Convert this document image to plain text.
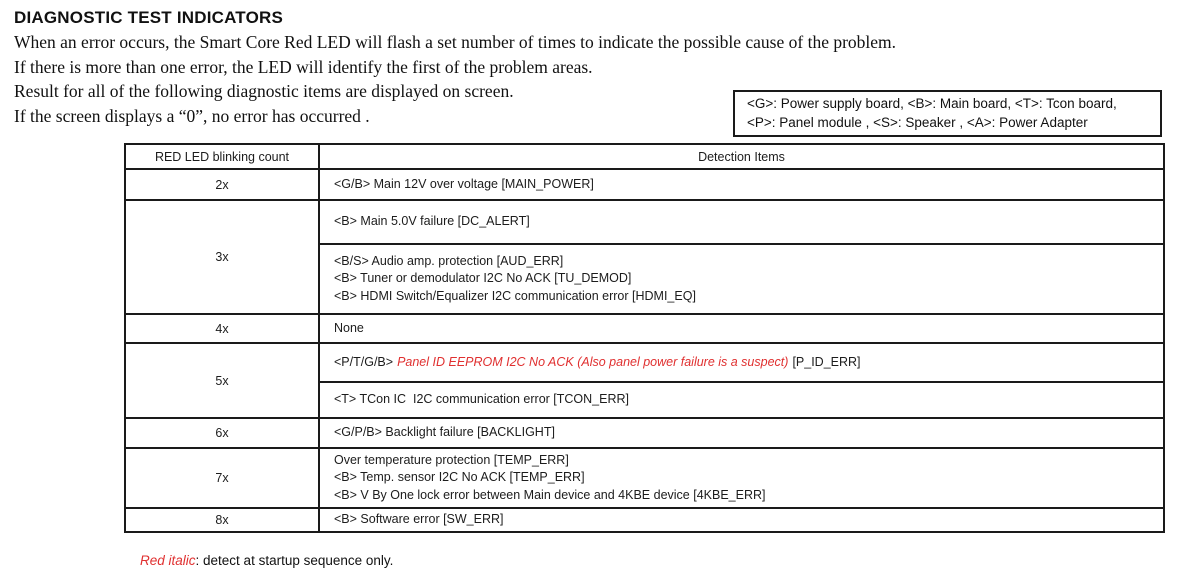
DIAGNOSTIC TEST INDICATORS

When an error occurs, the Smart Core Red LED will flash a set number of times to indicate the possible cause of the problem.

If there is more than one error, the LED will identify the first of the problem areas.

Result for all of the following diagnostic items are displayed on screen.

If the screen displays a “0”, no error has occurred .

<G>: Power supply board, <B>: Main board, <T>: Tcon board,
<P>: Panel module , <S>: Speaker , <A>: Power Adapter
RED LED blinking count	Detection Items
2x	<G/B> Main 12V over voltage [MAIN_POWER]

3x	<B> Main 5.0V failure [DC_ALERT]

	<B/S> Audio amp. protection [AUD_ERR]
<B> Tuner or demodulator I2C No ACK [TU_DEMOD]
<B> HDMI Switch/Equalizer I2C communication error [HDMI_EQ]

4x	None

5x	<P/T/G/B> Panel ID EEPROM I2C No ACK (Also panel power failure is a suspect) [P_ID_ERR]

	<T> TCon IC  I2C communication error [TCON_ERR]

6x	<G/P/B> Backlight failure [BACKLIGHT]

7x	Over temperature protection [TEMP_ERR]
<B> Temp. sensor I2C No ACK [TEMP_ERR]
<B> V By One lock error between Main device and 4KBE device [4KBE_ERR]

8x	<B> Software error [SW_ERR]
Red italic: detect at startup sequence only.
